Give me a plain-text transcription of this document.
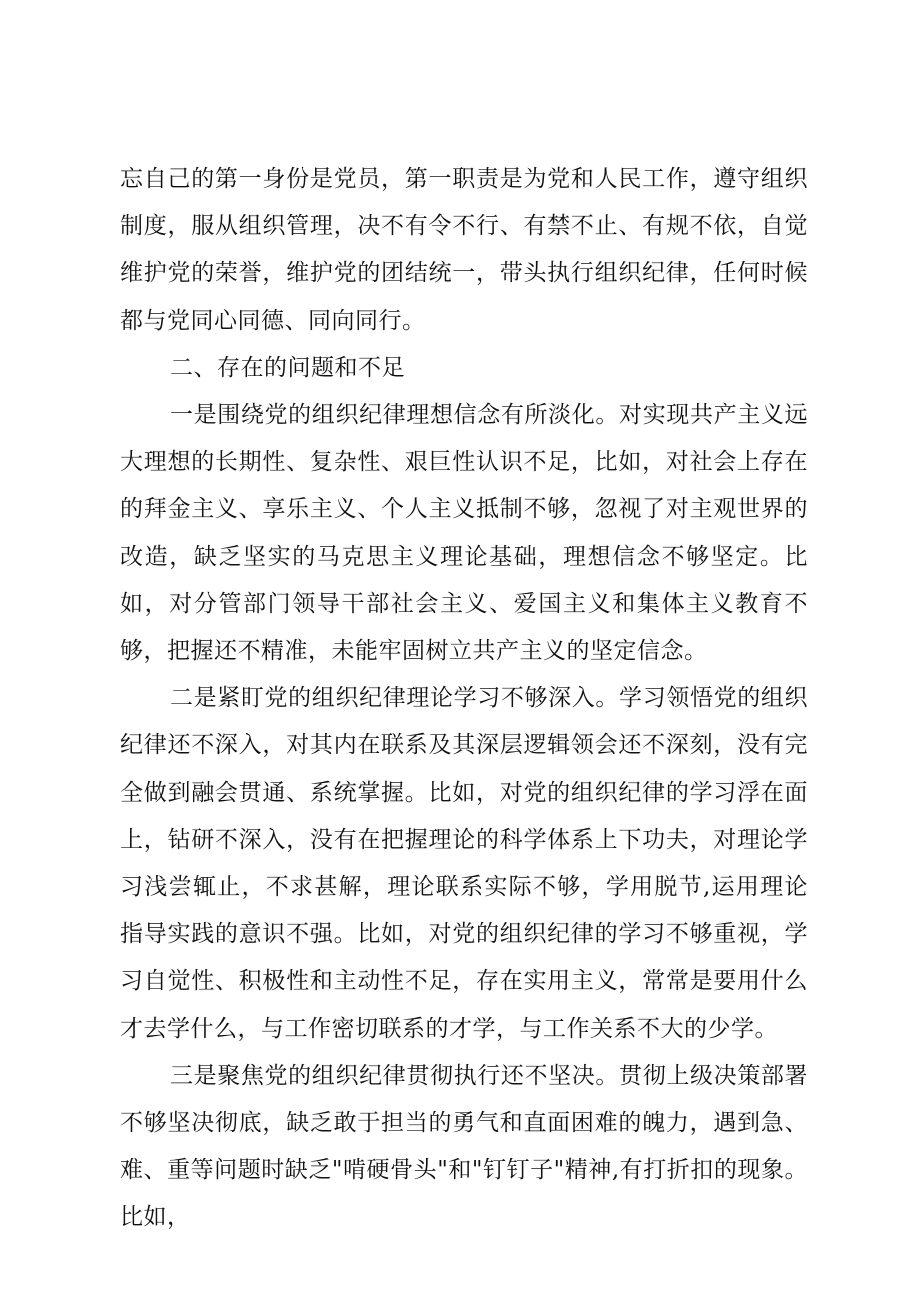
忘自己的第一身份是党员，第一职责是为党和人民工作，遵守组织制度，服从组织管理，决不有令不行、有禁不止、有规不依，自觉维护党的荣誉，维护党的团结统一，带头执行组织纪律，任何时候都与党同心同德、同向同行。

二、存在的问题和不足

一是围绕党的组织纪律理想信念有所淡化。对实现共产主义远大理想的长期性、复杂性、艰巨性认识不足，比如，对社会上存在的拜金主义、享乐主义、个人主义抵制不够，忽视了对主观世界的改造，缺乏坚实的马克思主义理论基础，理想信念不够坚定。比如，对分管部门领导干部社会主义、爱国主义和集体主义教育不够，把握还不精准，未能牢固树立共产主义的坚定信念。

二是紧盯党的组织纪律理论学习不够深入。学习领悟党的组织纪律还不深入，对其内在联系及其深层逻辑领会还不深刻，没有完全做到融会贯通、系统掌握。比如，对党的组织纪律的学习浮在面上，钻研不深入，没有在把握理论的科学体系上下功夫，对理论学习浅尝辄止，不求甚解，理论联系实际不够，学用脱节,运用理论指导实践的意识不强。比如，对党的组织纪律的学习不够重视，学习自觉性、积极性和主动性不足，存在实用主义，常常是要用什么才去学什么，与工作密切联系的才学，与工作关系不大的少学。

三是聚焦党的组织纪律贯彻执行还不坚决。贯彻上级决策部署不够坚决彻底，缺乏敢于担当的勇气和直面困难的魄力，遇到急、难、重等问题时缺乏"啃硬骨头"和"钉钉子"精神,有打折扣的现象。比如，
